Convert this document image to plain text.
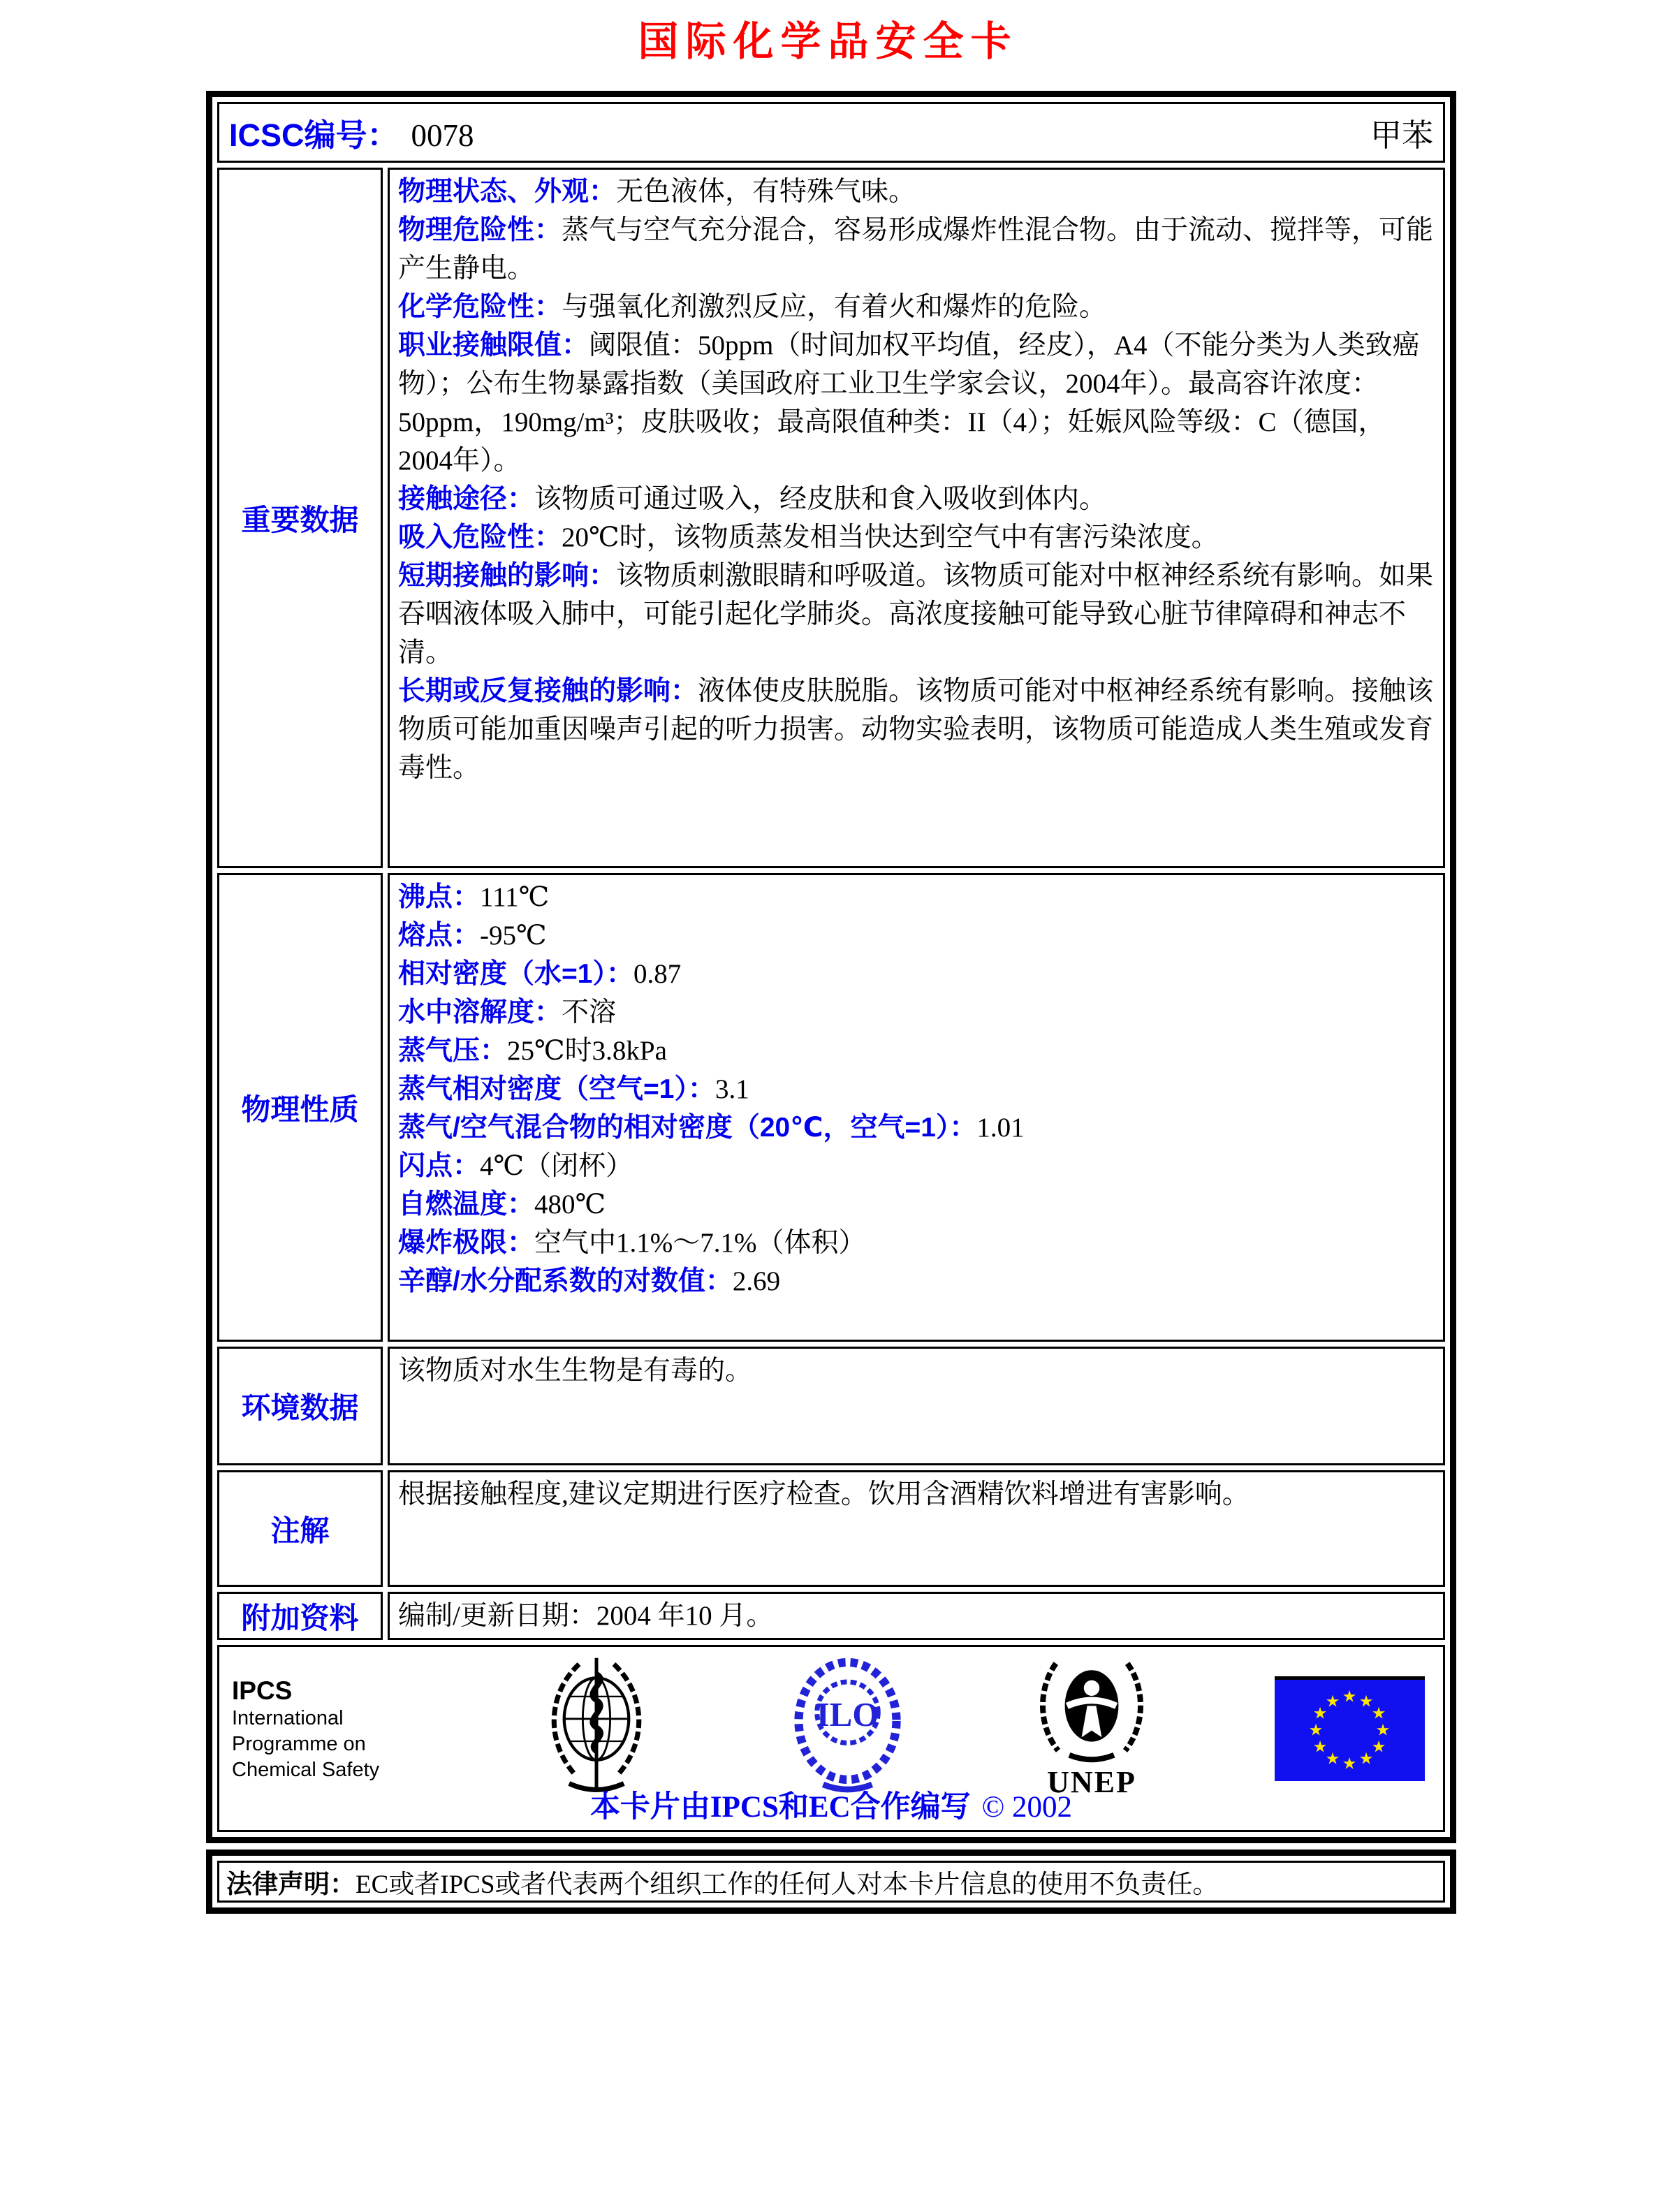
国际化学品安全卡
ICSC编号： 0078 甲苯	

重要数据	
物理状态、外观：无色液体，有特殊气味。
物理危险性：蒸气与空气充分混合，容易形成爆炸性混合物。由于流动、搅拌等，可能产生静电。
化学危险性：与强氧化剂激烈反应，有着火和爆炸的危险。
职业接触限值：阈限值：50ppm（时间加权平均值，经皮），A4（不能分类为人类致癌物）；公布生物暴露指数（美国政府工业卫生学家会议，2004年）。最高容许浓度：50ppm，190mg/m³；皮肤吸收；最高限值种类：II（4）；妊娠风险等级：C（德国，2004年）。
接触途径：该物质可通过吸入，经皮肤和食入吸收到体内。
吸入危险性：20℃时，该物质蒸发相当快达到空气中有害污染浓度。
短期接触的影响：该物质刺激眼睛和呼吸道。该物质可能对中枢神经系统有影响。如果吞咽液体吸入肺中，可能引起化学肺炎。高浓度接触可能导致心脏节律障碍和神志不清。
长期或反复接触的影响：液体使皮肤脱脂。该物质可能对中枢神经系统有影响。接触该物质可能加重因噪声引起的听力损害。动物实验表明，该物质可能造成人类生殖或发育毒性。

物理性质	
沸点：111℃
熔点：-95℃
相对密度（水=1）：0.87
水中溶解度：不溶
蒸气压：25℃时3.8kPa
蒸气相对密度（空气=1）：3.1
蒸气/空气混合物的相对密度（20℃，空气=1）：1.01
闪点：4℃（闭杯）
自燃温度：480℃
爆炸极限：空气中1.1%～7.1%（体积）
辛醇/水分配系数的对数值：2.69

环境数据	该物质对水生生物是有毒的。

注解	根据接触程度,建议定期进行医疗检查。饮用含酒精饮料增进有害影响。

附加资料	编制/更新日期：2004 年10 月。

IPCS
International
Programme on
Chemical Safety
ILO
UNEP
★ ★
★
★
★
★
★
★
★
★
★
★
本卡片由IPCS和EC合作编写 © 2002
法律声明：EC或者IPCS或者代表两个组织工作的任何人对本卡片信息的使用不负责任。
